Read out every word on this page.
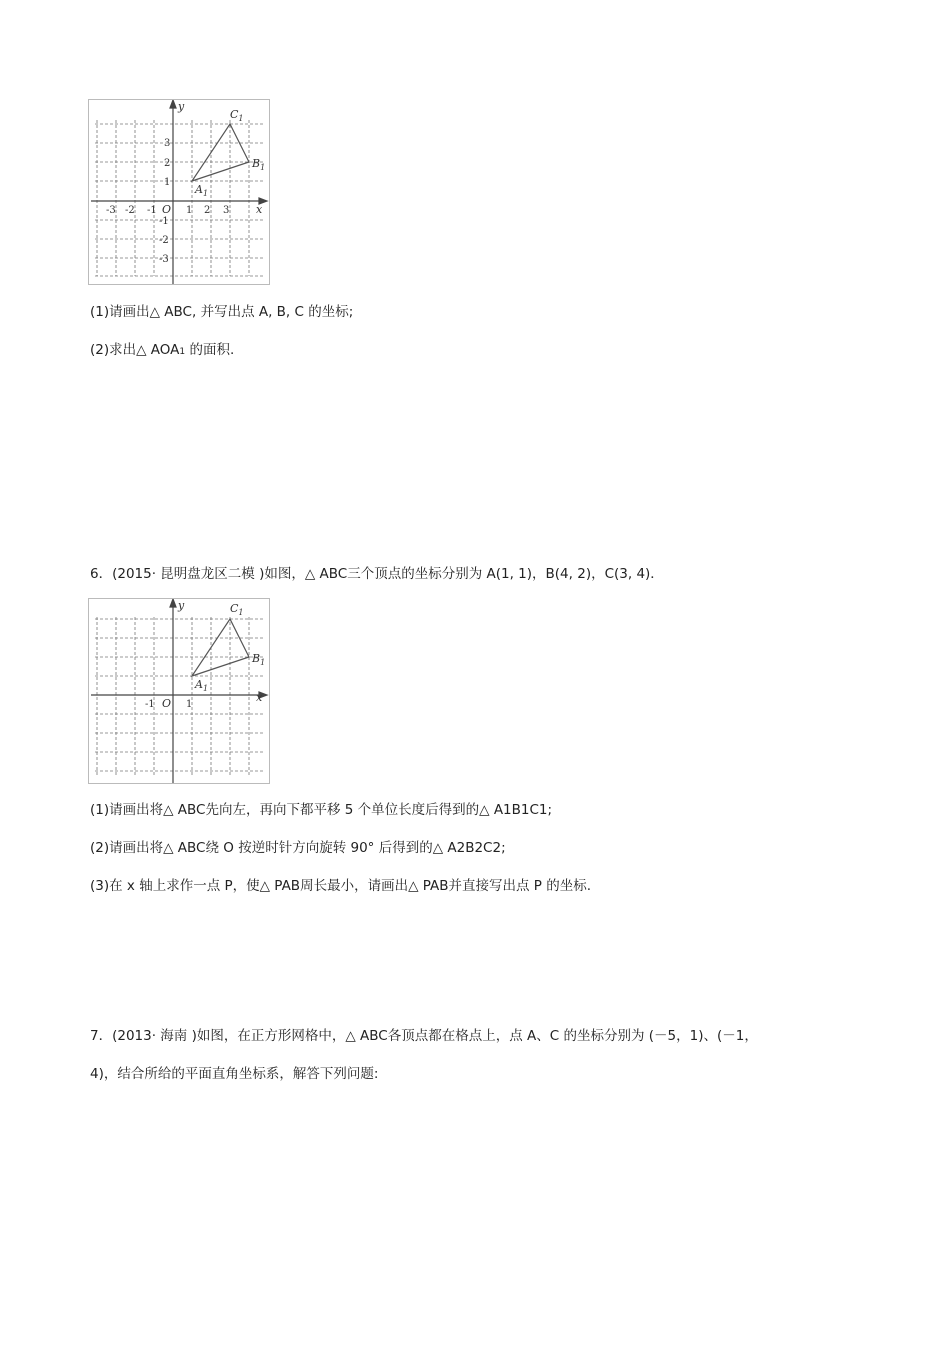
x
y
O
-3 -2 -1	1 2 3
3
2
1
-1
-2
-3
$A_1$
$B_1$
$C_1$
(1)请画出△ ABC, 并写出点 A, B, C 的坐标;
(2)求出△ AOA1 的面积.
6．(2015· 昆明盘龙区二模 )如图，△ ABC三个顶点的坐标分别为 A(1, 1)，B(4, 2)，C(3, 4)．
x
y
O
-1	1
$A_1$
$B_1$
$C_1$
(1)请画出将△ ABC先向左，再向下都平移 5 个单位长度后得到的△ A1B1C1;
(2)请画出将△ ABC绕 O 按逆时针方向旋转 90° 后得到的△ A2B2C2;
(3)在 x 轴上求作一点 P，使△ PAB周长最小，请画出△ PAB并直接写出点 P 的坐标.
7．(2013· 海南 )如图，在正方形网格中，△ ABC各顶点都在格点上，点 A、C 的坐标分别为 (－5，1)、(－1，
4)，结合所给的平面直角坐标系，解答下列问题:
